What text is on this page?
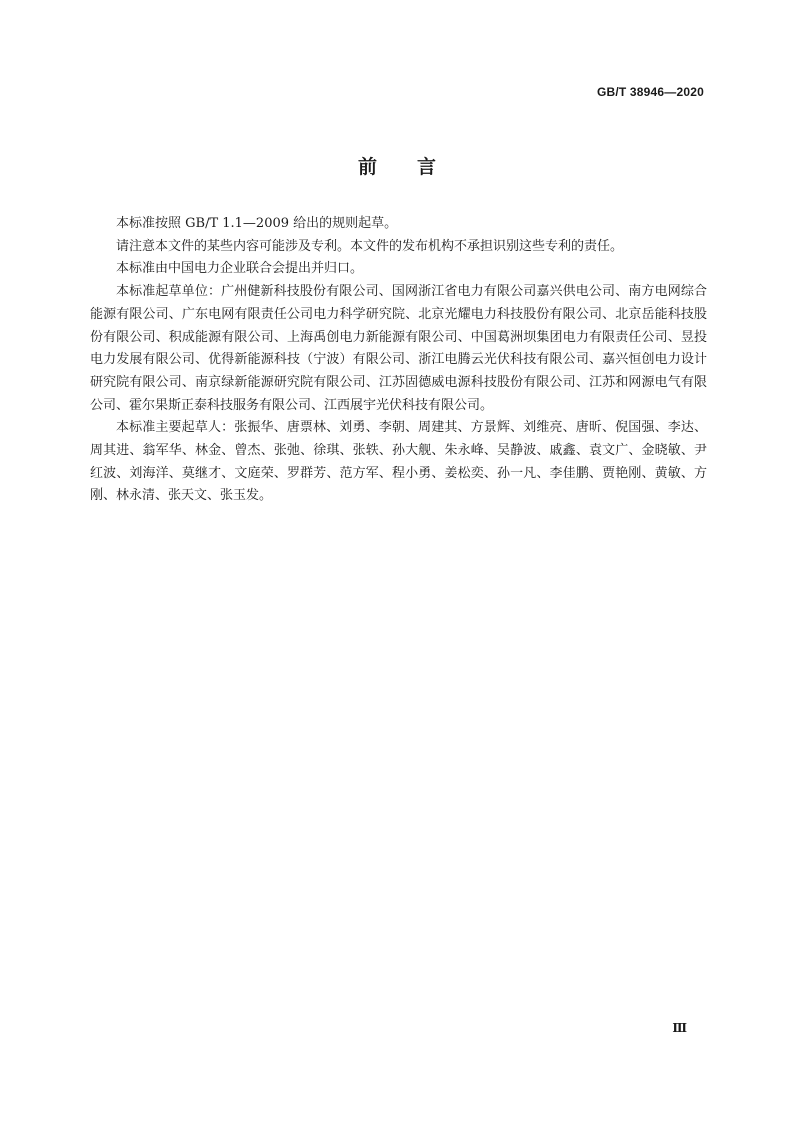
GB/T 38946—2020
前 言

本标准按照 GB/T 1.1—2009 给出的规则起草。

请注意本文件的某些内容可能涉及专利。本文件的发布机构不承担识别这些专利的责任。

本标准由中国电力企业联合会提出并归口。

本标准起草单位：广州健新科技股份有限公司、国网浙江省电力有限公司嘉兴供电公司、南方电网综合能源有限公司、广东电网有限责任公司电力科学研究院、北京光耀电力科技股份有限公司、北京岳能科技股份有限公司、积成能源有限公司、上海禹创电力新能源有限公司、中国葛洲坝集团电力有限责任公司、昱投电力发展有限公司、优得新能源科技（宁波）有限公司、浙江电腾云光伏科技有限公司、嘉兴恒创电力设计研究院有限公司、南京绿新能源研究院有限公司、江苏固德威电源科技股份有限公司、江苏和网源电气有限公司、霍尔果斯正泰科技服务有限公司、江西展宇光伏科技有限公司。

本标准主要起草人：张振华、唐票林、刘勇、李朝、周建其、方景辉、刘维亮、唐昕、倪国强、李达、周其进、翁军华、林金、曾杰、张弛、徐琪、张轶、孙大舰、朱永峰、吴静波、戚鑫、袁文广、金晓敏、尹红波、刘海洋、莫继才、文庭荣、罗群芳、范方军、程小勇、姜松奕、孙一凡、李佳鹏、贾艳刚、黄敏、方刚、林永清、张天文、张玉发。

Ⅲ
